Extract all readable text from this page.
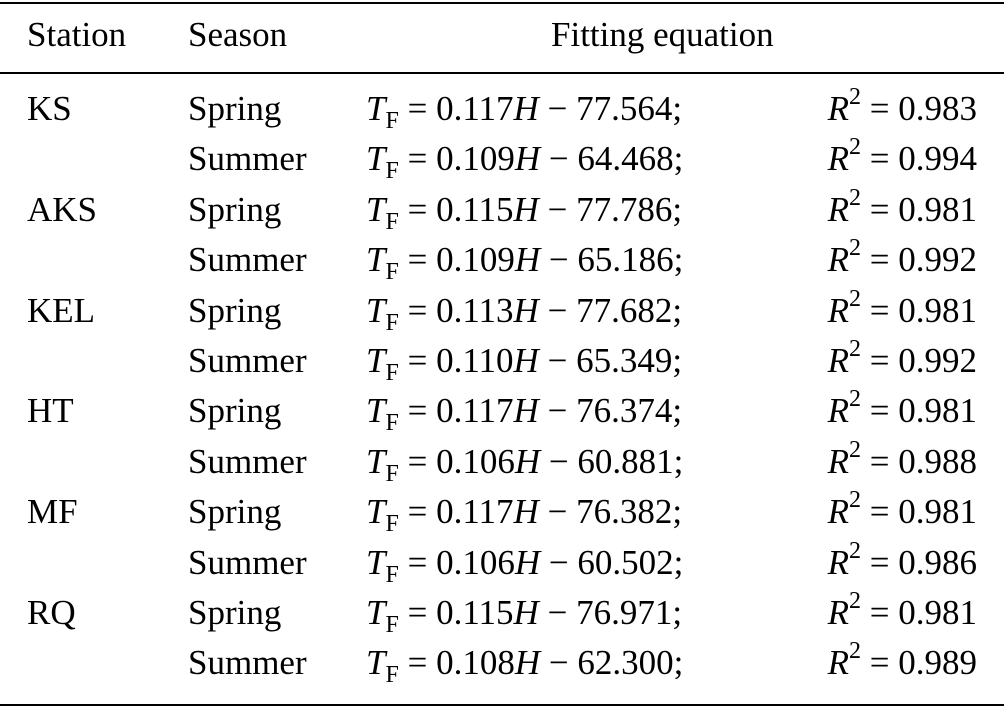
Station Season	Fitting equation
KS	Spring $T_F = 0.117H - 77.564$;	$R^2 = 0.983$
Summer $T_F = 0.109H - 64.468$;	$R^2 = 0.994$
AKS	Spring $T_F = 0.115H - 77.786$;	$R^2 = 0.981$
Summer $T_F = 0.109H - 65.186$;	$R^2 = 0.992$
KEL	Spring $T_F = 0.113H - 77.682$;	$R^2 = 0.981$
Summer $T_F = 0.110H - 65.349$;	$R^2 = 0.992$
HT	Spring $T_F = 0.117H - 76.374$;	$R^2 = 0.981$
Summer $T_F = 0.106H - 60.881$;	$R^2 = 0.988$
MF	Spring $T_F = 0.117H - 76.382$;	$R^2 = 0.981$
Summer $T_F = 0.106H - 60.502$;	$R^2 = 0.986$
RQ	Spring $T_F = 0.115H - 76.971$;	$R^2 = 0.981$
Summer $T_F = 0.108H - 62.300$;	$R^2 = 0.989$
